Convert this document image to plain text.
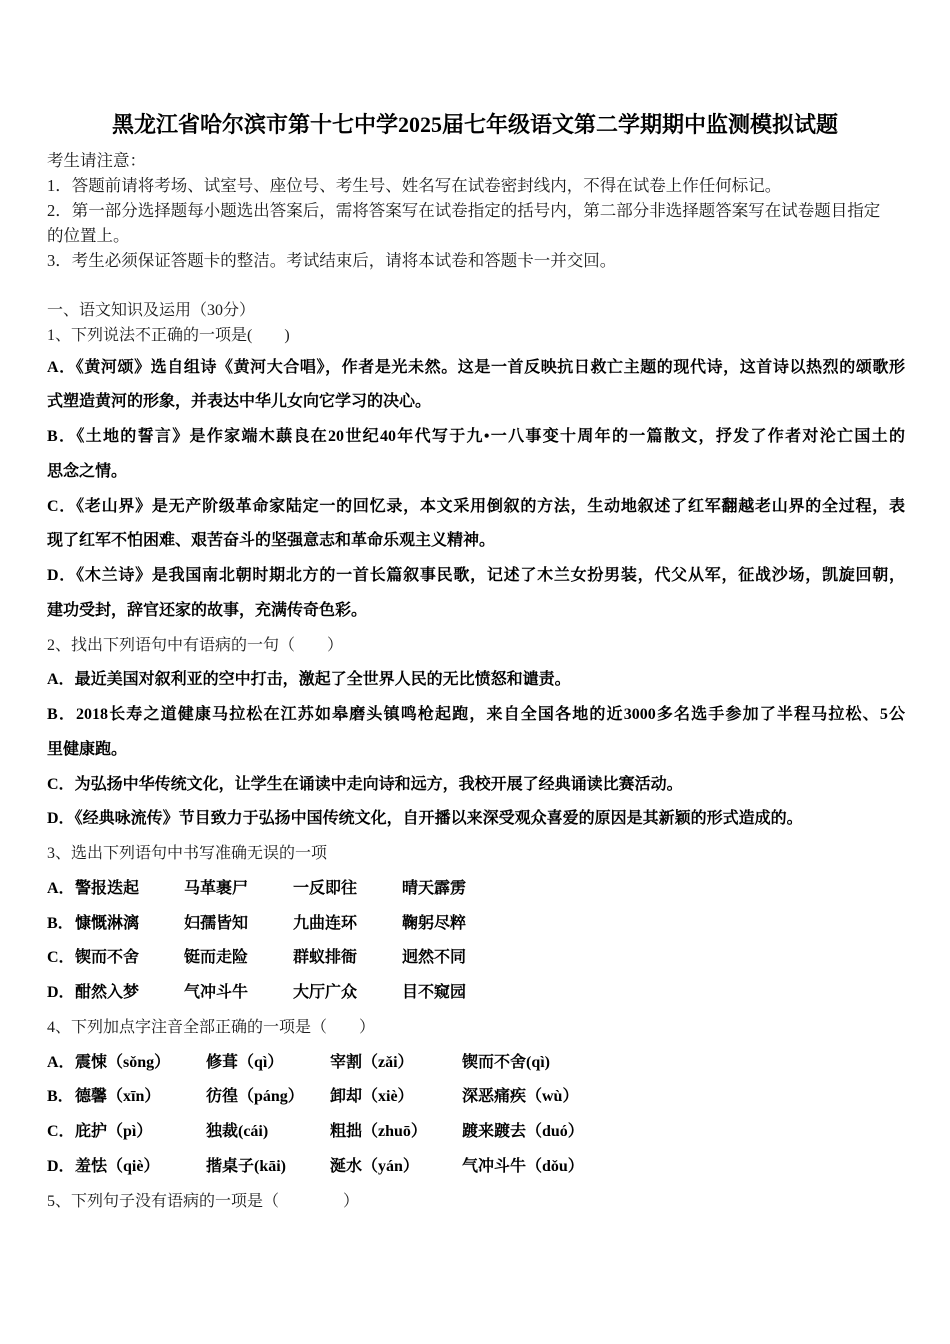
黑龙江省哈尔滨市第十七中学2025届七年级语文第二学期期中监测模拟试题
考生请注意：
1．答题前请将考场、试室号、座位号、考生号、姓名写在试卷密封线内，不得在试卷上作任何标记。
2．第一部分选择题每小题选出答案后，需将答案写在试卷指定的括号内，第二部分非选择题答案写在试卷题目指定
的位置上。
3．考生必须保证答题卡的整洁。考试结束后，请将本试卷和答题卡一并交回。
一、语文知识及运用（30分）
1、下列说法不正确的一项是(　　)
A．《黄河颂》选自组诗《黄河大合唱》，作者是光未然。这是一首反映抗日救亡主题的现代诗，这首诗以热烈的颂歌形
式塑造黄河的形象，并表达中华儿女向它学习的决心。
B．《土地的誓言》是作家端木蕻良在20世纪40年代写于九•一八事变十周年的一篇散文，抒发了作者对沦亡国土的
思念之情。
C．《老山界》是无产阶级革命家陆定一的回忆录，本文采用倒叙的方法，生动地叙述了红军翻越老山界的全过程，表
现了红军不怕困难、艰苦奋斗的坚强意志和革命乐观主义精神。
D．《木兰诗》是我国南北朝时期北方的一首长篇叙事民歌，记述了木兰女扮男装，代父从军，征战沙场，凯旋回朝，
建功受封，辞官还家的故事，充满传奇色彩。
2、找出下列语句中有语病的一句（　　）
A．最近美国对叙利亚的空中打击，激起了全世界人民的无比愤怒和谴责。
B．2018长寿之道健康马拉松在江苏如皋磨头镇鸣枪起跑，来自全国各地的近3000多名选手参加了半程马拉松、5公
里健康跑。
C．为弘扬中华传统文化，让学生在诵读中走向诗和远方，我校开展了经典诵读比赛活动。
D．《经典咏流传》节目致力于弘扬中国传统文化，自开播以来深受观众喜爱的原因是其新颖的形式造成的。
3、选出下列语句中书写准确无误的一项
A． 警报迭起	马革裹尸	一反即往	晴天霹雳
B． 慷慨淋漓	妇孺皆知	九曲连环	鞠躬尽粹
C． 锲而不舍	铤而走险	群蚁排衙	迥然不同
D． 酣然入梦	气冲斗牛	大厅广众	目不窥园
4、下列加点字注音全部正确的一项是（　　）
A． 震悚（sǒng） 修葺（qì）	宰割（zǎi）	锲而不舍(qì)
B． 德馨（xīn）	彷徨（páng） 卸却（xiè）	深恶痛疾（wù）
C． 庇护（pì）	独裁(cái)	粗拙（zhuō） 踱来踱去（duó）
D． 羞怯（qiè）	揩桌子(kāi)	涎水（yán）	气冲斗牛（dǒu）
5、下列句子没有语病的一项是（　　　　）
